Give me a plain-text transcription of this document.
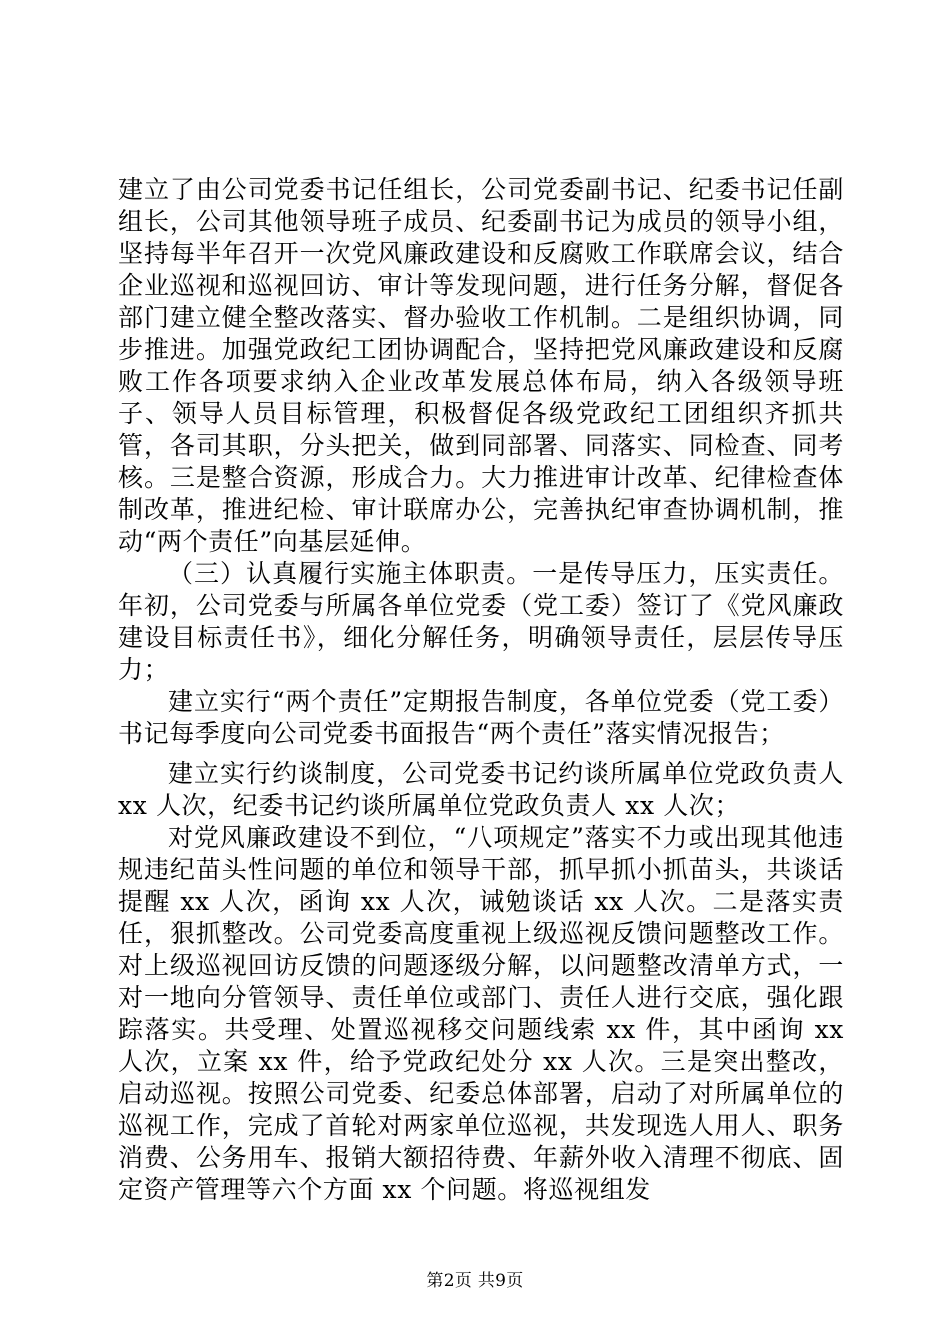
建立了由公司党委书记任组长，公司党委副书记、纪委书记任副组长，公司其他领导班子成员、纪委副书记为成员的领导小组，坚持每半年召开一次党风廉政建设和反腐败工作联席会议，结合企业巡视和巡视回访、审计等发现问题，进行任务分解，督促各部门建立健全整改落实、督办验收工作机制。二是组织协调，同步推进。加强党政纪工团协调配合，坚持把党风廉政建设和反腐败工作各项要求纳入企业改革发展总体布局，纳入各级领导班子、领导人员目标管理，积极督促各级党政纪工团组织齐抓共管，各司其职，分头把关，做到同部署、同落实、同检查、同考核。三是整合资源，形成合力。大力推进审计改革、纪律检查体制改革，推进纪检、审计联席办公，完善执纪审查协调机制，推动“两个责任”向基层延伸。

（三）认真履行实施主体职责。一是传导压力，压实责任。年初，公司党委与所属各单位党委（党工委）签订了《党风廉政建设目标责任书》，细化分解任务，明确领导责任，层层传导压力；

建立实行“两个责任”定期报告制度，各单位党委（党工委）书记每季度向公司党委书面报告“两个责任”落实情况报告；

建立实行约谈制度，公司党委书记约谈所属单位党政负责人 xx 人次，纪委书记约谈所属单位党政负责人 xx 人次；

对党风廉政建设不到位，“八项规定”落实不力或出现其他违规违纪苗头性问题的单位和领导干部，抓早抓小抓苗头，共谈话提醒 xx 人次，函询 xx 人次，诫勉谈话 xx 人次。二是落实责任，狠抓整改。公司党委高度重视上级巡视反馈问题整改工作。对上级巡视回访反馈的问题逐级分解，以问题整改清单方式，一对一地向分管领导、责任单位或部门、责任人进行交底，强化跟踪落实。共受理、处置巡视移交问题线索 xx 件，其中函询 xx 人次，立案 xx 件，给予党政纪处分 xx 人次。三是突出整改，启动巡视。按照公司党委、纪委总体部署，启动了对所属单位的巡视工作，完成了首轮对两家单位巡视，共发现选人用人、职务消费、公务用车、报销大额招待费、年薪外收入清理不彻底、固定资产管理等六个方面 xx 个问题。将巡视组发

第2页 共9页
